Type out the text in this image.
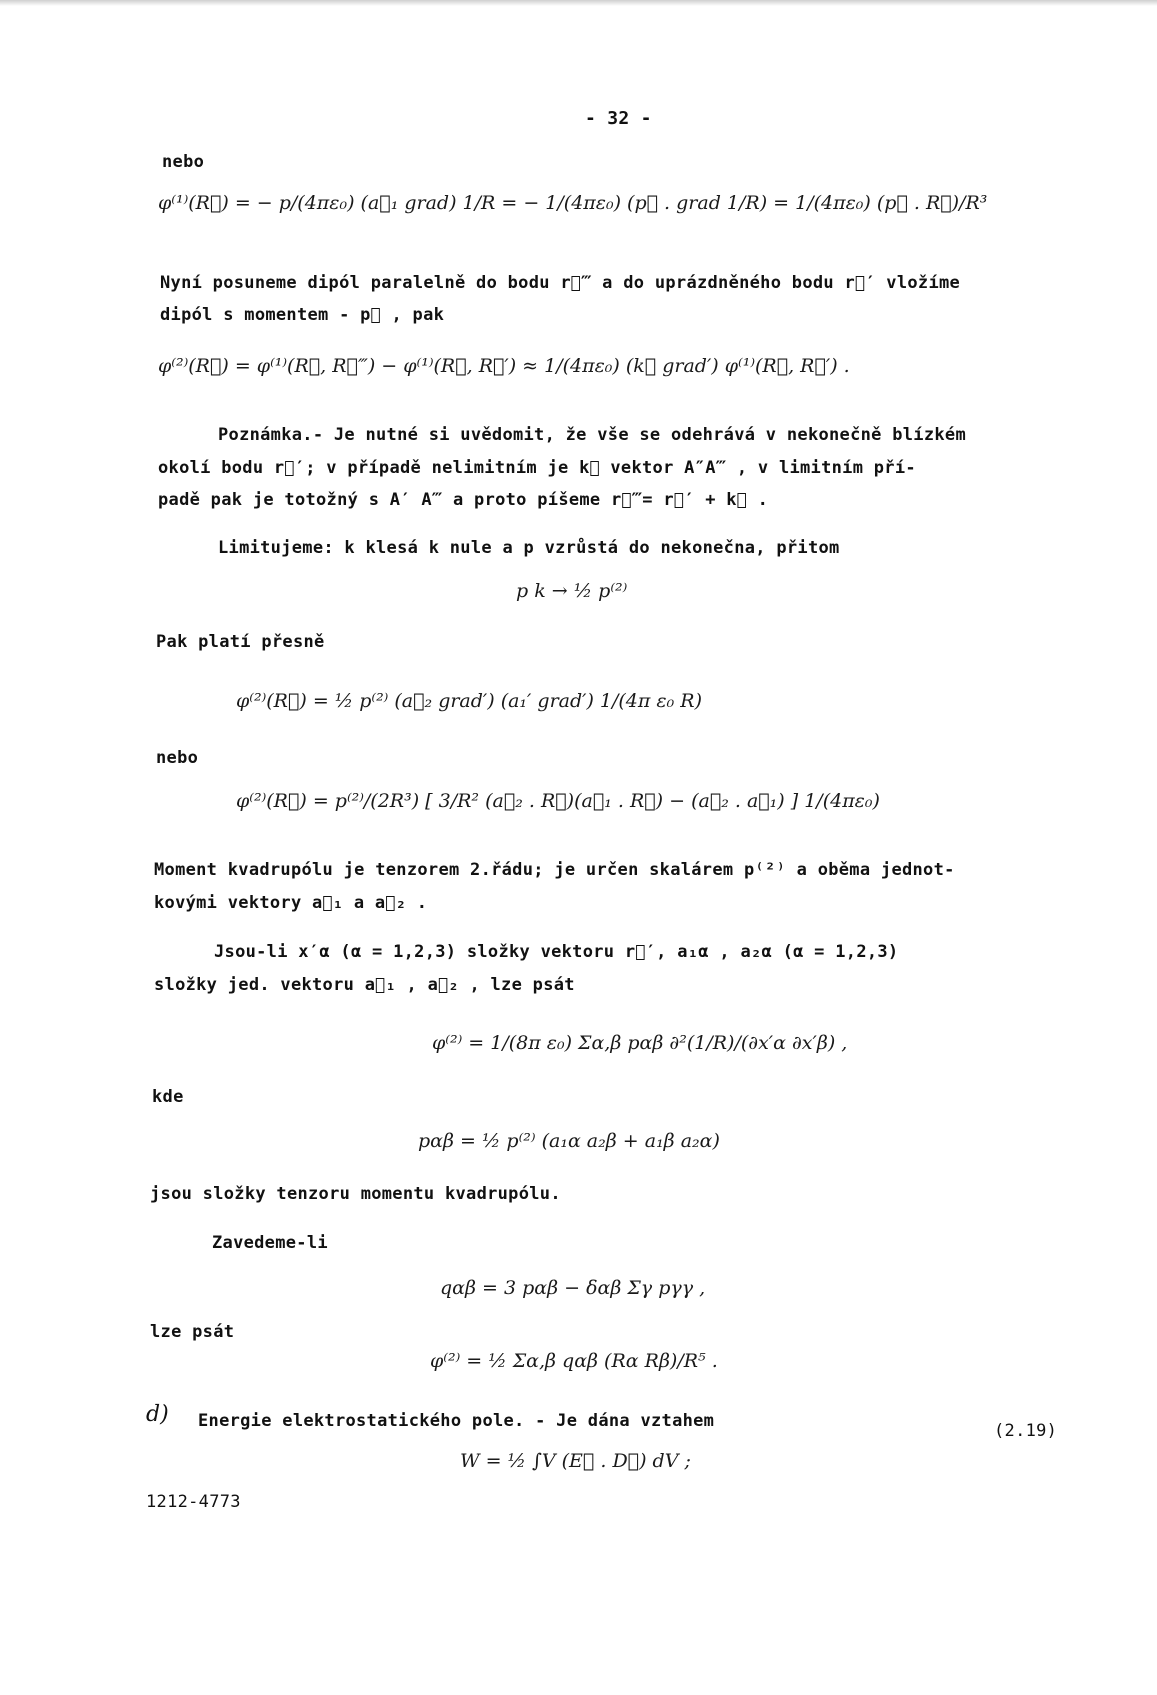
- 32 -
nebo
φ⁽¹⁾(R⃗) = − p/(4πε₀) (a⃗₁ grad) 1/R = − 1/(4πε₀) (p⃗ . grad 1/R) = 1/(4πε₀) (p⃗ . R⃗)/R³
Nyní posuneme dipól paralelně do bodu r⃗‴ a do uprázdněného bodu r⃗′ vložíme
dipól s momentem - p⃗ , pak
φ⁽²⁾(R⃗) = φ⁽¹⁾(R⃗, R⃗‴) − φ⁽¹⁾(R⃗, R⃗′) ≈ 1/(4πε₀) (k⃗ grad′) φ⁽¹⁾(R⃗, R⃗′) .
Poznámka.- Je nutné si uvědomit, že vše se odehrává v nekonečně blízkém
okolí bodu r⃗′; v případě nelimitním je k⃗ vektor A″A‴ , v limitním pří-
padě pak je totožný s A′ A‴ a proto píšeme r⃗‴= r⃗′ + k⃗ .
Limitujeme: k klesá k nule a p vzrůstá do nekonečna, přitom
p k → ½ p⁽²⁾
Pak platí přesně
φ⁽²⁾(R⃗) = ½ p⁽²⁾ (a⃗₂ grad′) (a₁′ grad′) 1/(4π ε₀ R)
nebo
φ⁽²⁾(R⃗) = p⁽²⁾/(2R³) [ 3/R² (a⃗₂ . R⃗)(a⃗₁ . R⃗) − (a⃗₂ . a⃗₁) ] 1/(4πε₀)
Moment kvadrupólu je tenzorem 2.řádu; je určen skalárem p⁽²⁾ a oběma jednot-
kovými vektory a⃗₁ a a⃗₂ .
Jsou-li x′α (α = 1,2,3) složky vektoru r⃗′, a₁α , a₂α (α = 1,2,3)
složky jed. vektoru a⃗₁ , a⃗₂ , lze psát
φ⁽²⁾ = 1/(8π ε₀) Σα,β pαβ ∂²(1/R)/(∂x′α ∂x′β) ,
kde
pαβ = ½ p⁽²⁾ (a₁α a₂β + a₁β a₂α)
jsou složky tenzoru momentu kvadrupólu.
Zavedeme-li
qαβ = 3 pαβ − δαβ Σγ pγγ ,
lze psát
φ⁽²⁾ = ½ Σα,β qαβ (Rα Rβ)/R⁵ .
d) Energie elektrostatického pole. - Je dána vztahem
W = ½ ∫V (E⃗ . D⃗) dV ;
(2.19)
1212-4773
